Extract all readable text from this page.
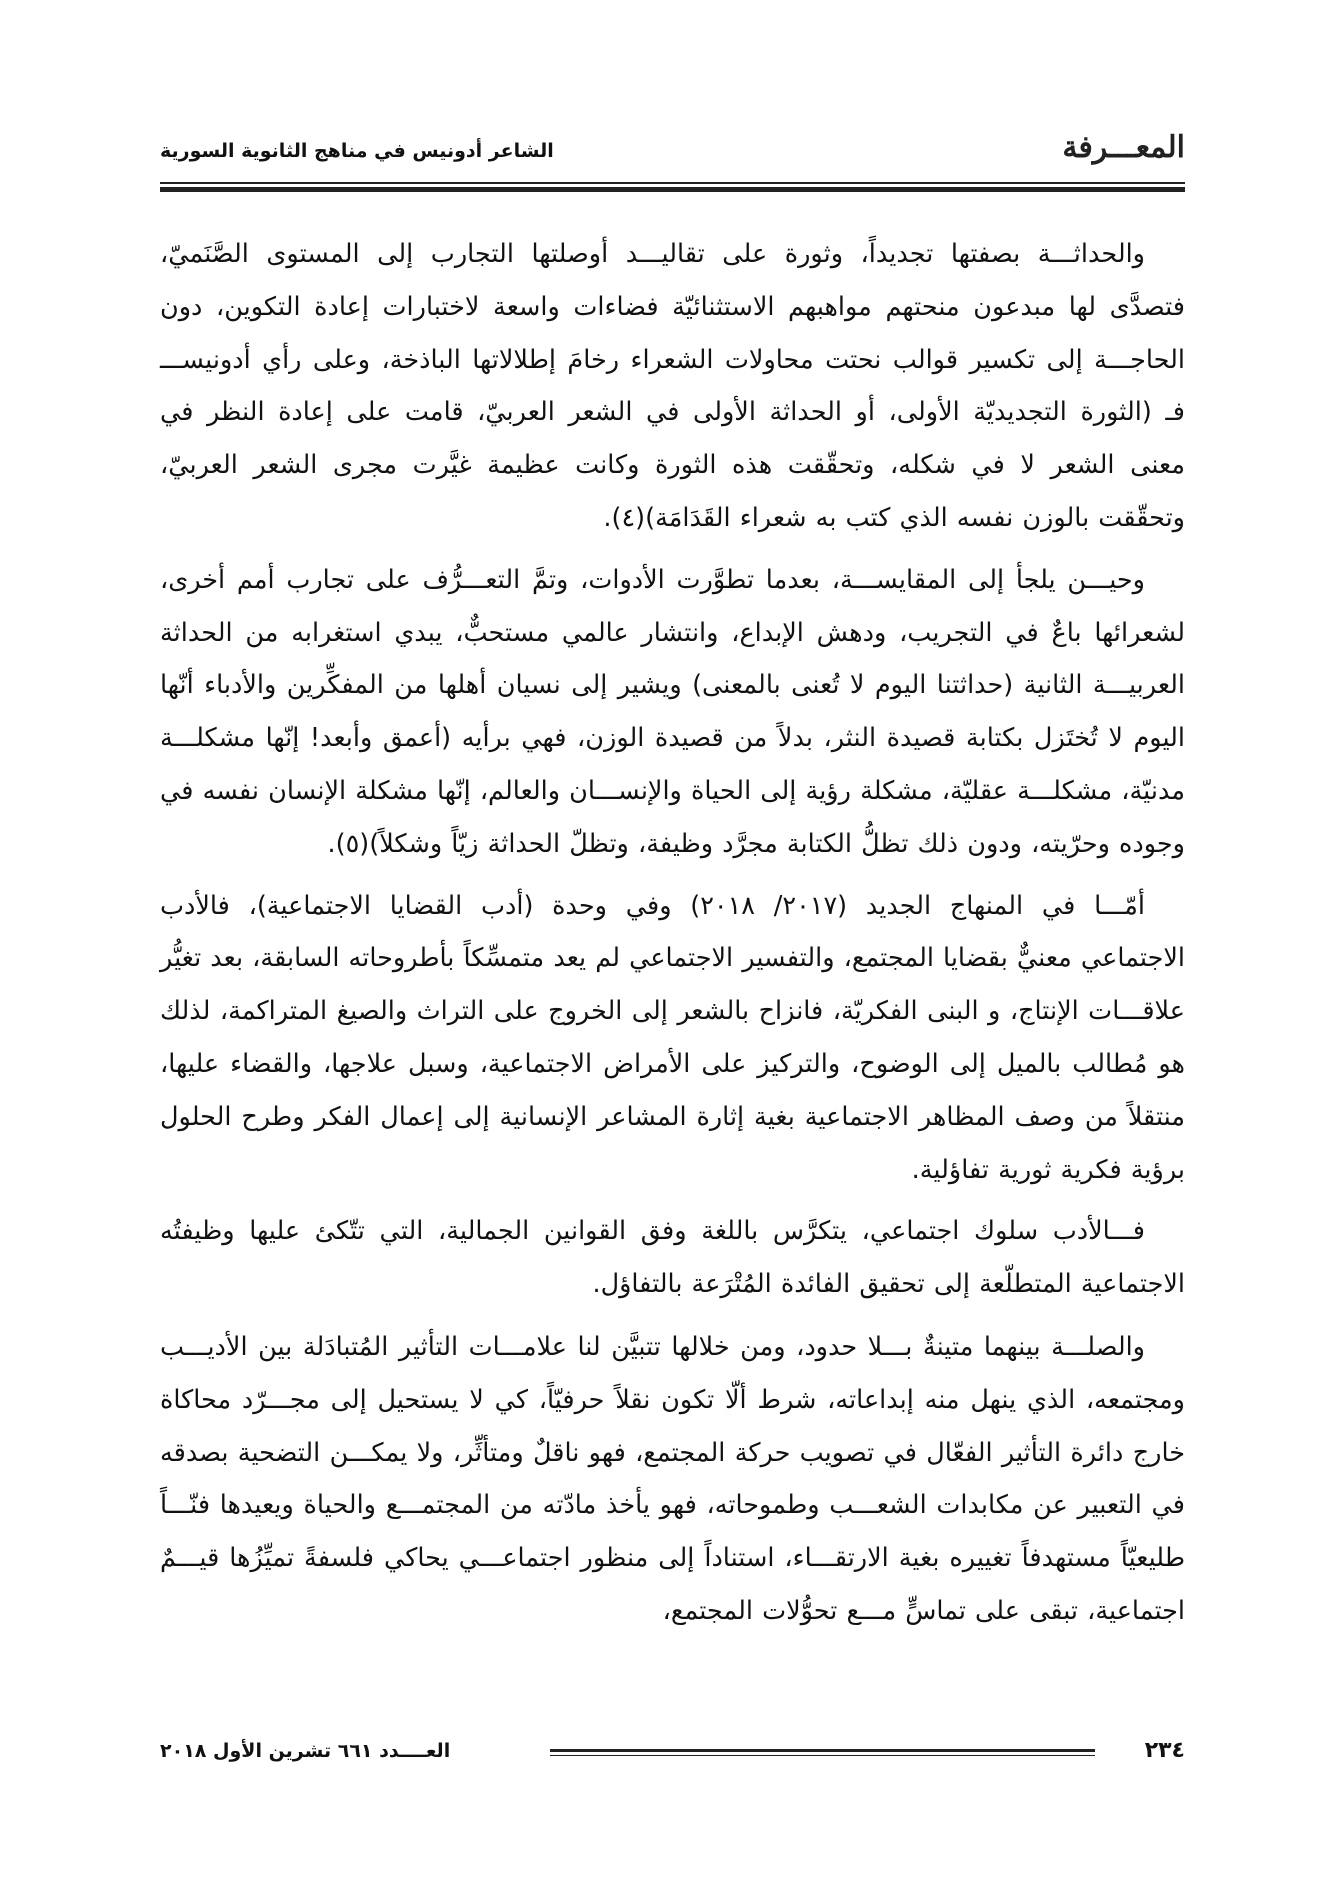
المعـــرفة
الشاعر أدونيس في مناهج الثانوية السورية

والحداثـــة بصفتها تجديداً، وثورة على تقاليـــد أوصلتها التجارب إلى المستوى الصَّنَميّ، فتصدَّى لها مبدعون منحتهم مواهبهم الاستثنائيّة فضاءات واسعة لاختبارات إعادة التكوين، دون الحاجـــة إلى تكسير قوالب نحتت محاولات الشعراء رخامَ إطلالاتها الباذخة، وعلى رأي أدونيســـ فـ (الثورة التجديديّة الأولى، أو الحداثة الأولى في الشعر العربيّ، قامت على إعادة النظر في معنى الشعر لا في شكله، وتحقّقت هذه الثورة وكانت عظيمة غيَّرت مجرى الشعر العربيّ، وتحقّقت بالوزن نفسه الذي كتب به شعراء القَدَامَة)(٤).

وحيـــن يلجأ إلى المقايســـة، بعدما تطوَّرت الأدوات، وتمَّ التعـــرُّف على تجارب أمم أخرى، لشعرائها باعٌ في التجريب، ودهش الإبداع، وانتشار عالمي مستحبٌّ، يبدي استغرابه من الحداثة العربيـــة الثانية (حداثتنا اليوم لا تُعنى بالمعنى) ويشير إلى نسيان أهلها من المفكِّرين والأدباء أنّها اليوم لا تُختَزل بكتابة قصيدة النثر، بدلاً من قصيدة الوزن، فهي برأيه (أعمق وأبعد! إنّها مشكلـــة مدنيّة، مشكلـــة عقليّة، مشكلة رؤية إلى الحياة والإنســـان والعالم، إنّها مشكلة الإنسان نفسه في وجوده وحرّيته، ودون ذلك تظلُّ الكتابة مجرَّد وظيفة، وتظلّ الحداثة زيّاً وشكلاً)(٥).

أمّـــا في المنهاج الجديد (٢٠١٧/ ٢٠١٨) وفي وحدة (أدب القضايا الاجتماعية)، فالأدب الاجتماعي معنيٌّ بقضايا المجتمع، والتفسير الاجتماعي لم يعد متمسِّكاً بأطروحاته السابقة، بعد تغيُّر علاقـــات الإنتاج، و البنى الفكريّة، فانزاح بالشعر إلى الخروج على التراث والصيغ المتراكمة، لذلك هو مُطالب بالميل إلى الوضوح، والتركيز على الأمراض الاجتماعية، وسبل علاجها، والقضاء عليها، منتقلاً من وصف المظاهر الاجتماعية بغية إثارة المشاعر الإنسانية إلى إعمال الفكر وطرح الحلول برؤية فكرية ثورية تفاؤلية.

فـــالأدب سلوك اجتماعي، يتكرَّس باللغة وفق القوانين الجمالية، التي تتّكئ عليها وظيفتُه الاجتماعية المتطلّعة إلى تحقيق الفائدة المُتْرَعة بالتفاؤل.

والصلـــة بينهما متينةٌ بـــلا حدود، ومن خلالها تتبيَّن لنا علامـــات التأثير المُتبادَلة بين الأديـــب ومجتمعه، الذي ينهل منه إبداعاته، شرط ألّا تكون نقلاً حرفيّاً، كي لا يستحيل إلى مجـــرّد محاكاة خارج دائرة التأثير الفعّال في تصويب حركة المجتمع، فهو ناقلٌ ومتأثِّر، ولا يمكـــن التضحية بصدقه في التعبير عن مكابدات الشعـــب وطموحاته، فهو يأخذ مادّته من المجتمـــع والحياة ويعيدها فنّـــاً طليعيّاً مستهدفاً تغييره بغية الارتقـــاء، استناداً إلى منظور اجتماعـــي يحاكي فلسفةً تميِّزُها قيـــمٌ اجتماعية، تبقى على تماسٍّ مـــع تحوُّلات المجتمع،

٢٣٤
العــــدد ٦٦١ تشرين الأول ٢٠١٨
